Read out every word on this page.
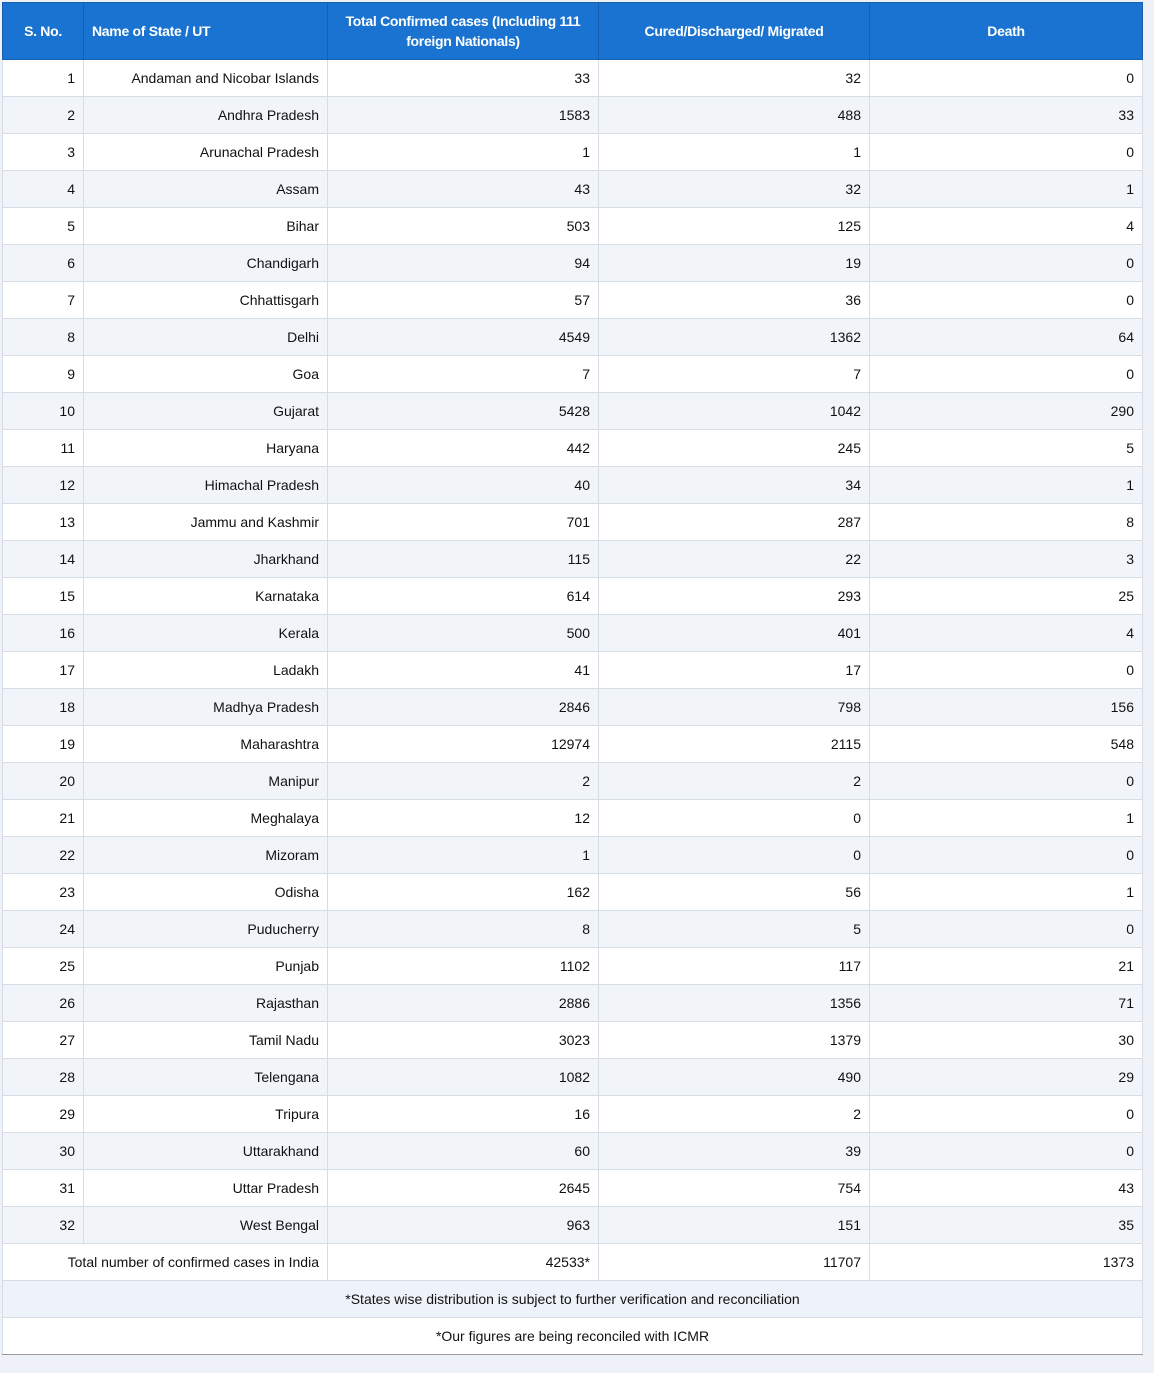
S. No.	Name of State / UT	Total Confirmed cases (Including 111 foreign Nationals)	Cured/Discharged/ Migrated	Death
1	Andaman and Nicobar Islands	33	32	0
2	Andhra Pradesh	1583	488	33
3	Arunachal Pradesh	1	1	0
4	Assam	43	32	1
5	Bihar	503	125	4
6	Chandigarh	94	19	0
7	Chhattisgarh	57	36	0
8	Delhi	4549	1362	64
9	Goa	7	7	0
10	Gujarat	5428	1042	290
11	Haryana	442	245	5
12	Himachal Pradesh	40	34	1
13	Jammu and Kashmir	701	287	8
14	Jharkhand	115	22	3
15	Karnataka	614	293	25
16	Kerala	500	401	4
17	Ladakh	41	17	0
18	Madhya Pradesh	2846	798	156
19	Maharashtra	12974	2115	548
20	Manipur	2	2	0
21	Meghalaya	12	0	1
22	Mizoram	1	0	0
23	Odisha	162	56	1
24	Puducherry	8	5	0
25	Punjab	1102	117	21
26	Rajasthan	2886	1356	71
27	Tamil Nadu	3023	1379	30
28	Telengana	1082	490	29
29	Tripura	16	2	0
30	Uttarakhand	60	39	0
31	Uttar Pradesh	2645	754	43
32	West Bengal	963	151	35
Total number of confirmed cases in India		42533*	11707	1373
*States wise distribution is subject to further verification and reconciliation				
*Our figures are being reconciled with ICMR				
